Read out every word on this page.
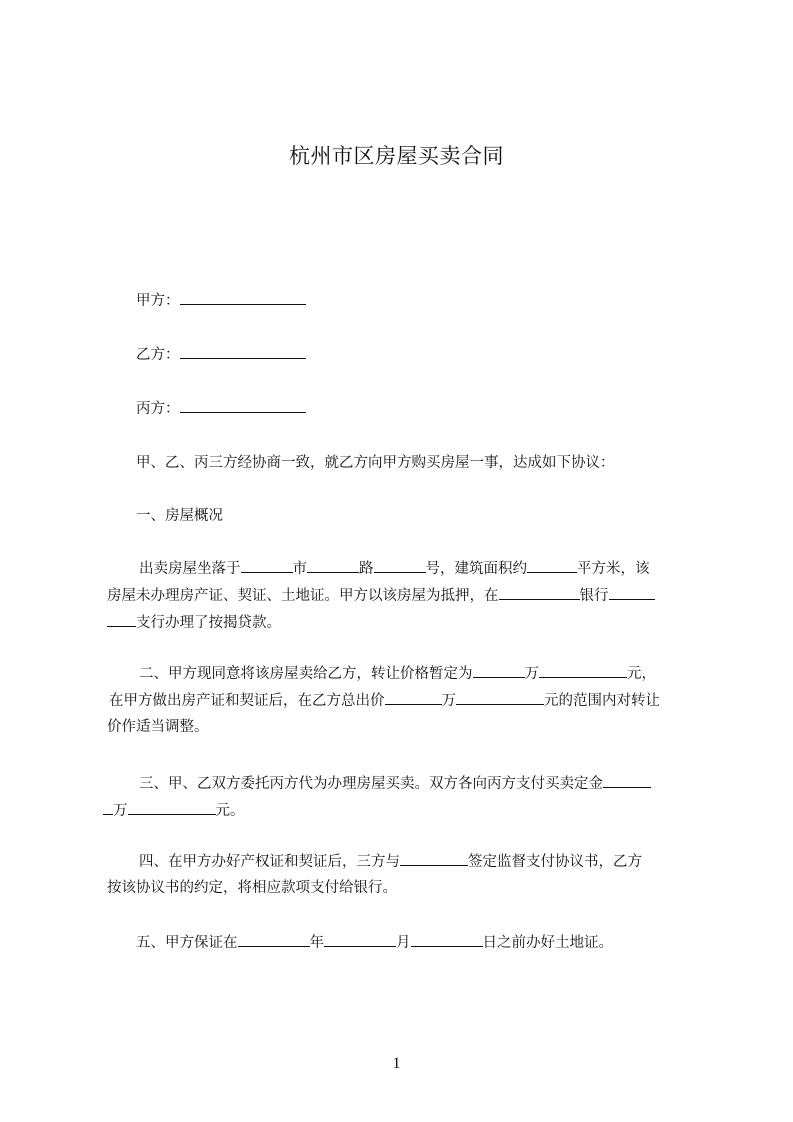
杭州市区房屋买卖合同
甲方：
乙方：
丙方：
甲、乙、丙三方经协商一致，就乙方向甲方购买房屋一事，达成如下协议：
一、房屋概况
出卖房屋坐落于	市	路	号，建筑面积约	平方米，该
房屋未办理房产证、契证、土地证。甲方以该房屋为抵押，在	银行
支行办理了按揭贷款。
二、甲方现同意将该房屋卖给乙方，转让价格暂定为	万	元，
在甲方做出房产证和契证后，在乙方总出价	万	元的范围内对转让
价作适当调整。
三、甲、乙双方委托丙方代为办理房屋买卖。双方各向丙方支付买卖定金
万	元。
四、在甲方办好产权证和契证后，三方与	签定监督支付协议书，乙方
按该协议书的约定，将相应款项支付给银行。
五、甲方保证在	年	月	日之前办好土地证。
1
